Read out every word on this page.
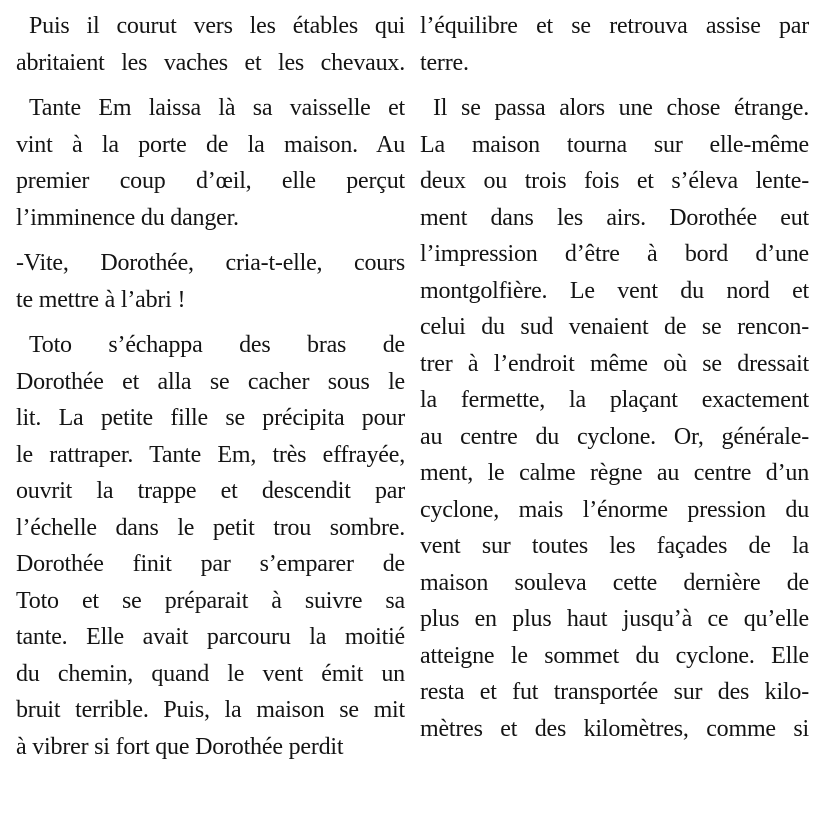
Puis il courut vers les étables qui
abritaient les vaches et les chevaux.
Tante Em laissa là sa vaisselle et
vint à la porte de la maison. Au
premier coup d’œil, elle perçut
l’imminence du danger.
-Vite, Dorothée, cria-t-elle, cours
te mettre à l’abri !
Toto s’échappa des bras de
Dorothée et alla se cacher sous le
lit. La petite fille se précipita pour
le rattraper. Tante Em, très effrayée,
ouvrit la trappe et descendit par
l’échelle dans le petit trou sombre.
Dorothée finit par s’emparer de
Toto et se préparait à suivre sa
tante. Elle avait parcouru la moitié
du chemin, quand le vent émit un
bruit terrible. Puis, la maison se mit
à vibrer si fort que Dorothée perdit
l’équilibre et se retrouva assise par
terre.
Il se passa alors une chose étrange.
La maison tourna sur elle-même
deux ou trois fois et s’éleva lente-
ment dans les airs. Dorothée eut
l’impression d’être à bord d’une
montgolfière. Le vent du nord et
celui du sud venaient de se rencon-
trer à l’endroit même où se dressait
la fermette, la plaçant exactement
au centre du cyclone. Or, générale-
ment, le calme règne au centre d’un
cyclone, mais l’énorme pression du
vent sur toutes les façades de la
maison souleva cette dernière de
plus en plus haut jusqu’à ce qu’elle
atteigne le sommet du cyclone. Elle
resta et fut transportée sur des kilo-
mètres et des kilomètres, comme si
